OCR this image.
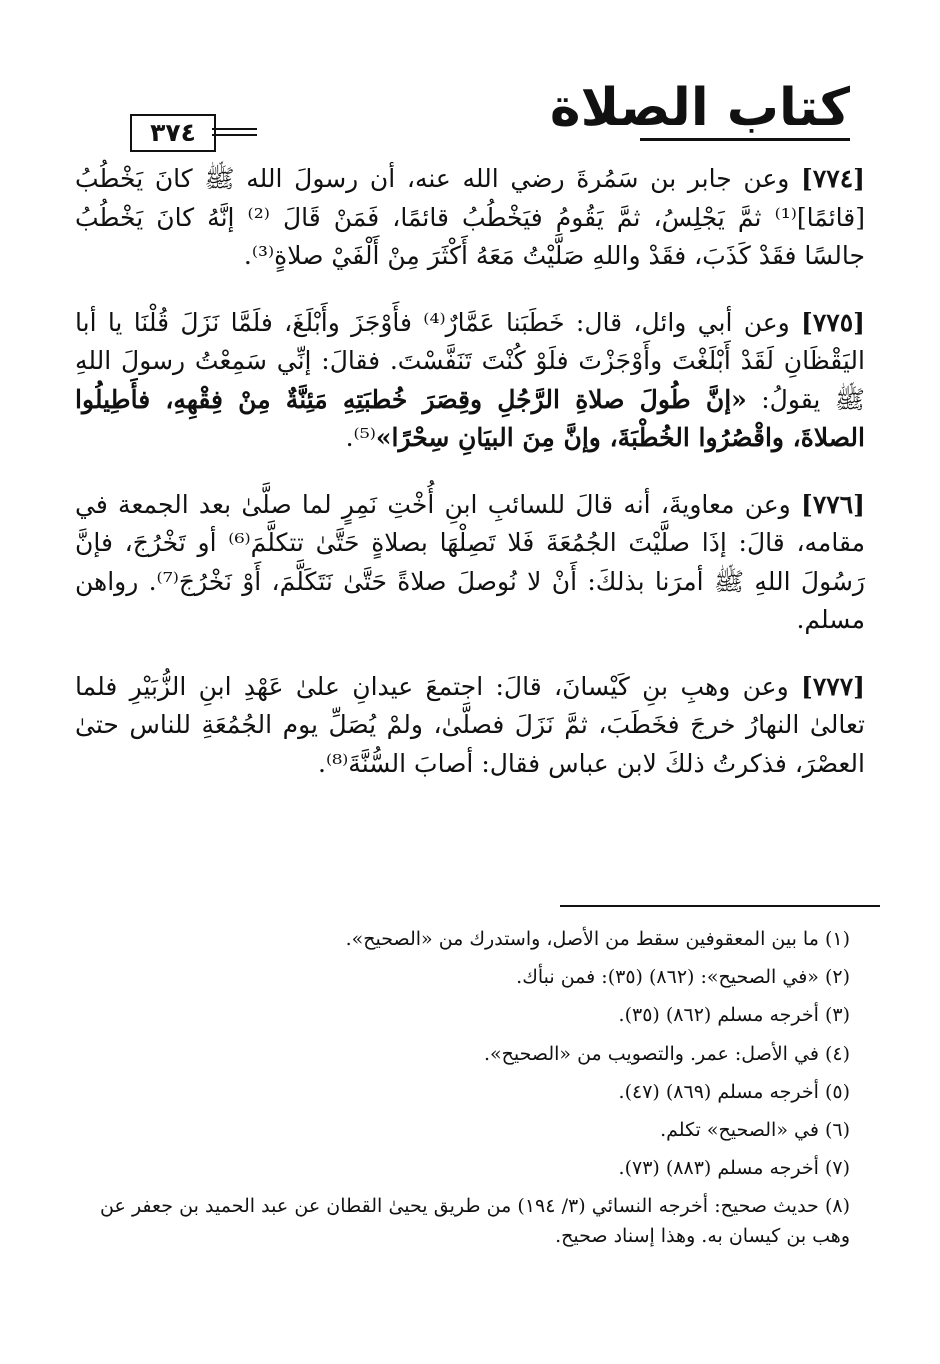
كتاب الصلاة
٣٧٤

[٧٧٤] وعن جابر بن سَمُرةَ رضي الله عنه، أن رسولَ الله ﷺ كانَ يَخْطُبُ [قائمًا]⁽¹⁾ ثمَّ يَجْلِسُ، ثمَّ يَقُومُ فيَخْطُبُ قائمًا، فَمَنْ قَالَ ⁽²⁾ إنَّهُ كانَ يَخْطُبُ جالسًا فقَدْ كَذَبَ، فقَدْ واللهِ صَلَّيْتُ مَعَهُ أَكْثَرَ مِنْ أَلْفَيْ صلاةٍ⁽³⁾.

[٧٧٥] وعن أبي وائل، قال: خَطَبَنا عَمَّارٌ⁽⁴⁾ فأَوْجَزَ وأَبْلَغَ، فلَمَّا نَزَلَ قُلْنَا يا أبا اليَقْظَانِ لَقَدْ أَبْلَغْتَ وأَوْجَزْتَ فلَوْ كُنْتَ تَنَفَّسْتَ. فقالَ: إنِّي سَمِعْتُ رسولَ اللهِ ﷺ يقولُ: «إنَّ طُولَ صلاةِ الرَّجُلِ وقِصَرَ خُطبَتِهِ مَئِنَّةٌ مِنْ فِقْهِهِ، فأَطِيلُوا الصلاةَ، واقْصُرُوا الخُطْبَةَ، وإنَّ مِنَ البيَانِ سِحْرًا»⁽⁵⁾.

[٧٧٦] وعن معاويةَ، أنه قالَ للسائبِ ابنِ أُخْتِ نَمِرٍ لما صلَّىٰ بعد الجمعة في مقامه، قالَ: إذَا صلَّيْتَ الجُمُعَةَ فَلا تَصِلْهَا بصلاةٍ حَتَّىٰ تتكلَّمَ⁽⁶⁾ أو تَخْرُجَ، فإنَّ رَسُولَ اللهِ ﷺ أمرَنا بذلكَ: أَنْ لا نُوصلَ صلاةً حَتَّىٰ نَتَكَلَّمَ، أَوْ نَخْرُجَ⁽⁷⁾. رواهن مسلم.

[٧٧٧] وعن وهبِ بنِ كَيْسانَ، قالَ: اجتمعَ عيدانِ علىٰ عَهْدِ ابنِ الزُّبَيْرِ فلما تعالىٰ النهارُ خرجَ فخَطَبَ، ثمَّ نَزَلَ فصلَّىٰ، ولمْ يُصَلِّ يوم الجُمُعَةِ للناس حتىٰ العصْرَ، فذكرتُ ذلكَ لابن عباس فقال: أصابَ السُّنَّةَ⁽⁸⁾.

(١) ما بين المعقوفين سقط من الأصل، واستدرك من «الصحيح».
(٢) «في الصحيح»: (٨٦٢) (٣٥): فمن نبأك.
(٣) أخرجه مسلم (٨٦٢) (٣٥).
(٤) في الأصل: عمر. والتصويب من «الصحيح».
(٥) أخرجه مسلم (٨٦٩) (٤٧).
(٦) في «الصحيح» تكلم.
(٧) أخرجه مسلم (٨٨٣) (٧٣).
(٨) حديث صحيح: أخرجه النسائي (٣/ ١٩٤) من طريق يحيىٰ القطان عن عبد الحميد بن جعفر عن وهب بن كيسان به. وهذا إسناد صحيح.
